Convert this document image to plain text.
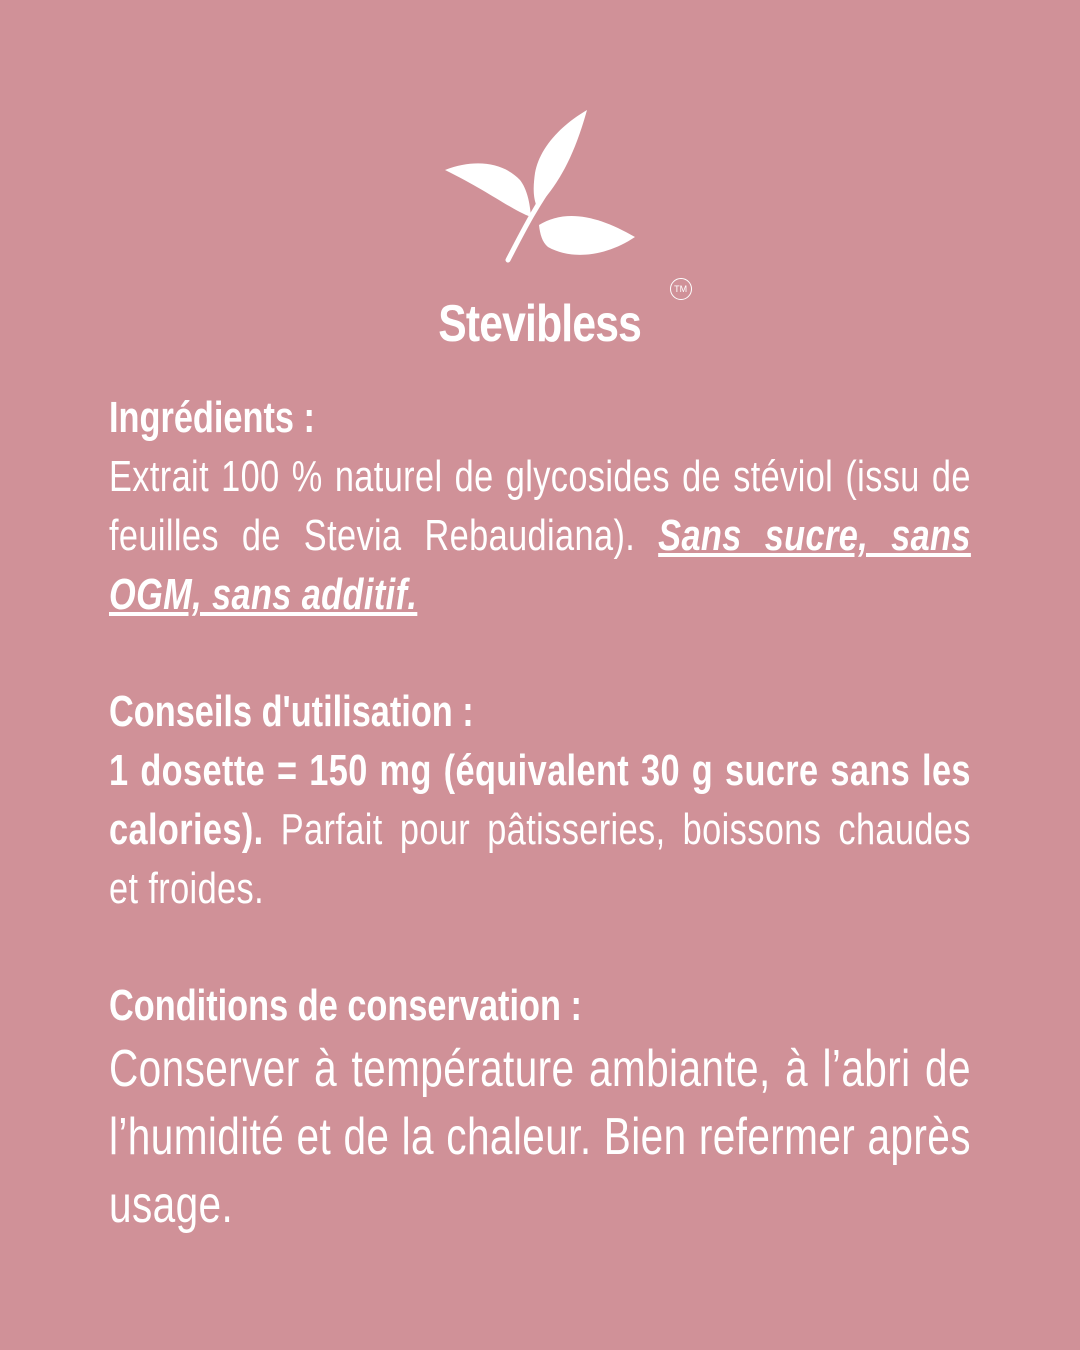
Stevibless
TM
Ingrédients :
Extrait 100 % naturel de glycosides de stéviol (issu de feuilles de Stevia Rebaudiana). Sans sucre, sans OGM, sans additif.
Conseils d'utilisation :
1 dosette = 150 mg (équivalent 30 g sucre sans les calories). Parfait pour pâtisseries, boissons chaudes et froides.
Conditions de conservation :
Conserver à température ambiante, à l’abri de l’humidité et de la chaleur. Bien refermer après usage.
